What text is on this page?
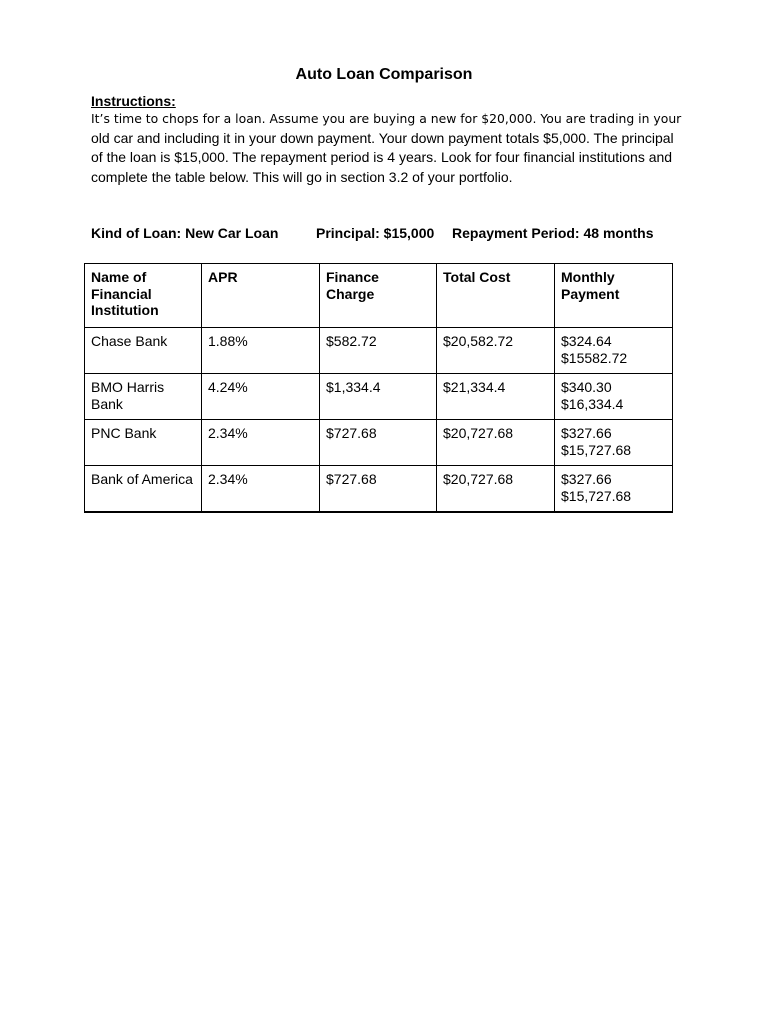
Auto Loan Comparison
Instructions:
It’s time to chops for a loan. Assume you are buying a new for $20,000. You are trading in your
old car and including it in your down payment. Your down payment totals $5,000. The principal
of the loan is $15,000. The repayment period is 4 years. Look for four financial institutions and
complete the table below. This will go in section 3.2 of your portfolio.
Kind of Loan: New Car Loan	Principal: $15,000 Repayment Period: 48 months
Name of
Financial
Institution	APR	Finance Charge	Total Cost	Monthly
Payment

Chase Bank	1.88%	$582.72	$20,582.72	$324.64
$15582.72

BMO Harris
Bank	4.24%	$1,334.4	$21,334.4	$340.30
$16,334.4

PNC Bank	2.34%	$727.68	$20,727.68	$327.66
$15,727.68

Bank of America	2.34%	$727.68	$20,727.68	$327.66
$15,727.68
